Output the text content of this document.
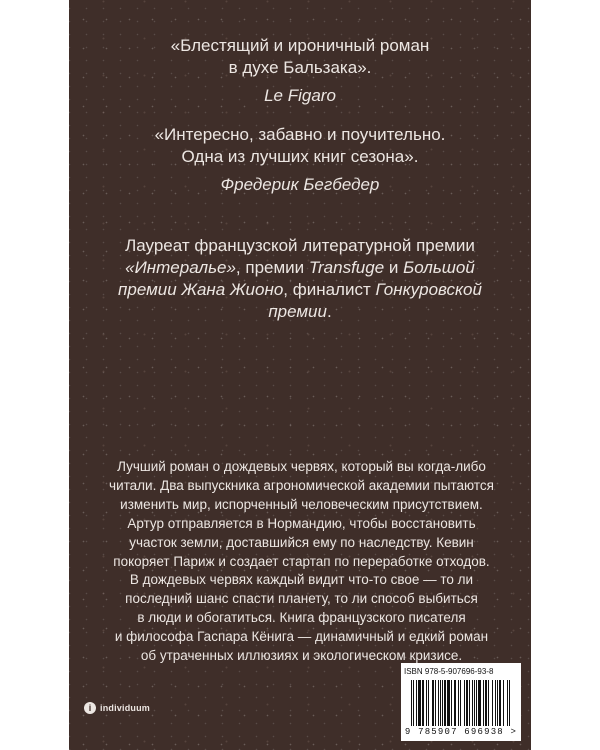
«Блестящий и ироничный роман
в духе Бальзака».
Le Figaro
«Интересно, забавно и поучительно.
Одна из лучших книг сезона».
Фредерик Бегбедер
Лауреат французской литературной премии
«Интералье», премии Transfuge и Большой
премии Жана Жионо, финалист Гонкуровской
премии.
Лучший роман о дождевых червях, который вы когда-либо
читали. Два выпускника агрономической академии пытаются
изменить мир, испорченный человеческим присутствием.
Артур отправляется в Нормандию, чтобы восстановить
участок земли, доставшийся ему по наследству. Кевин
покоряет Париж и создает стартап по переработке отходов.
В дождевых червях каждый видит что-то свое — то ли
последний шанс спасти планету, то ли способ выбиться
в люди и обогатиться. Книга французского писателя
и философа Гаспара Кёнига — динамичный и едкий роман
об утраченных иллюзиях и экологическом кризисе.
i individuum
ISBN 978-5-907696-93-8
9 785907 696938 >
